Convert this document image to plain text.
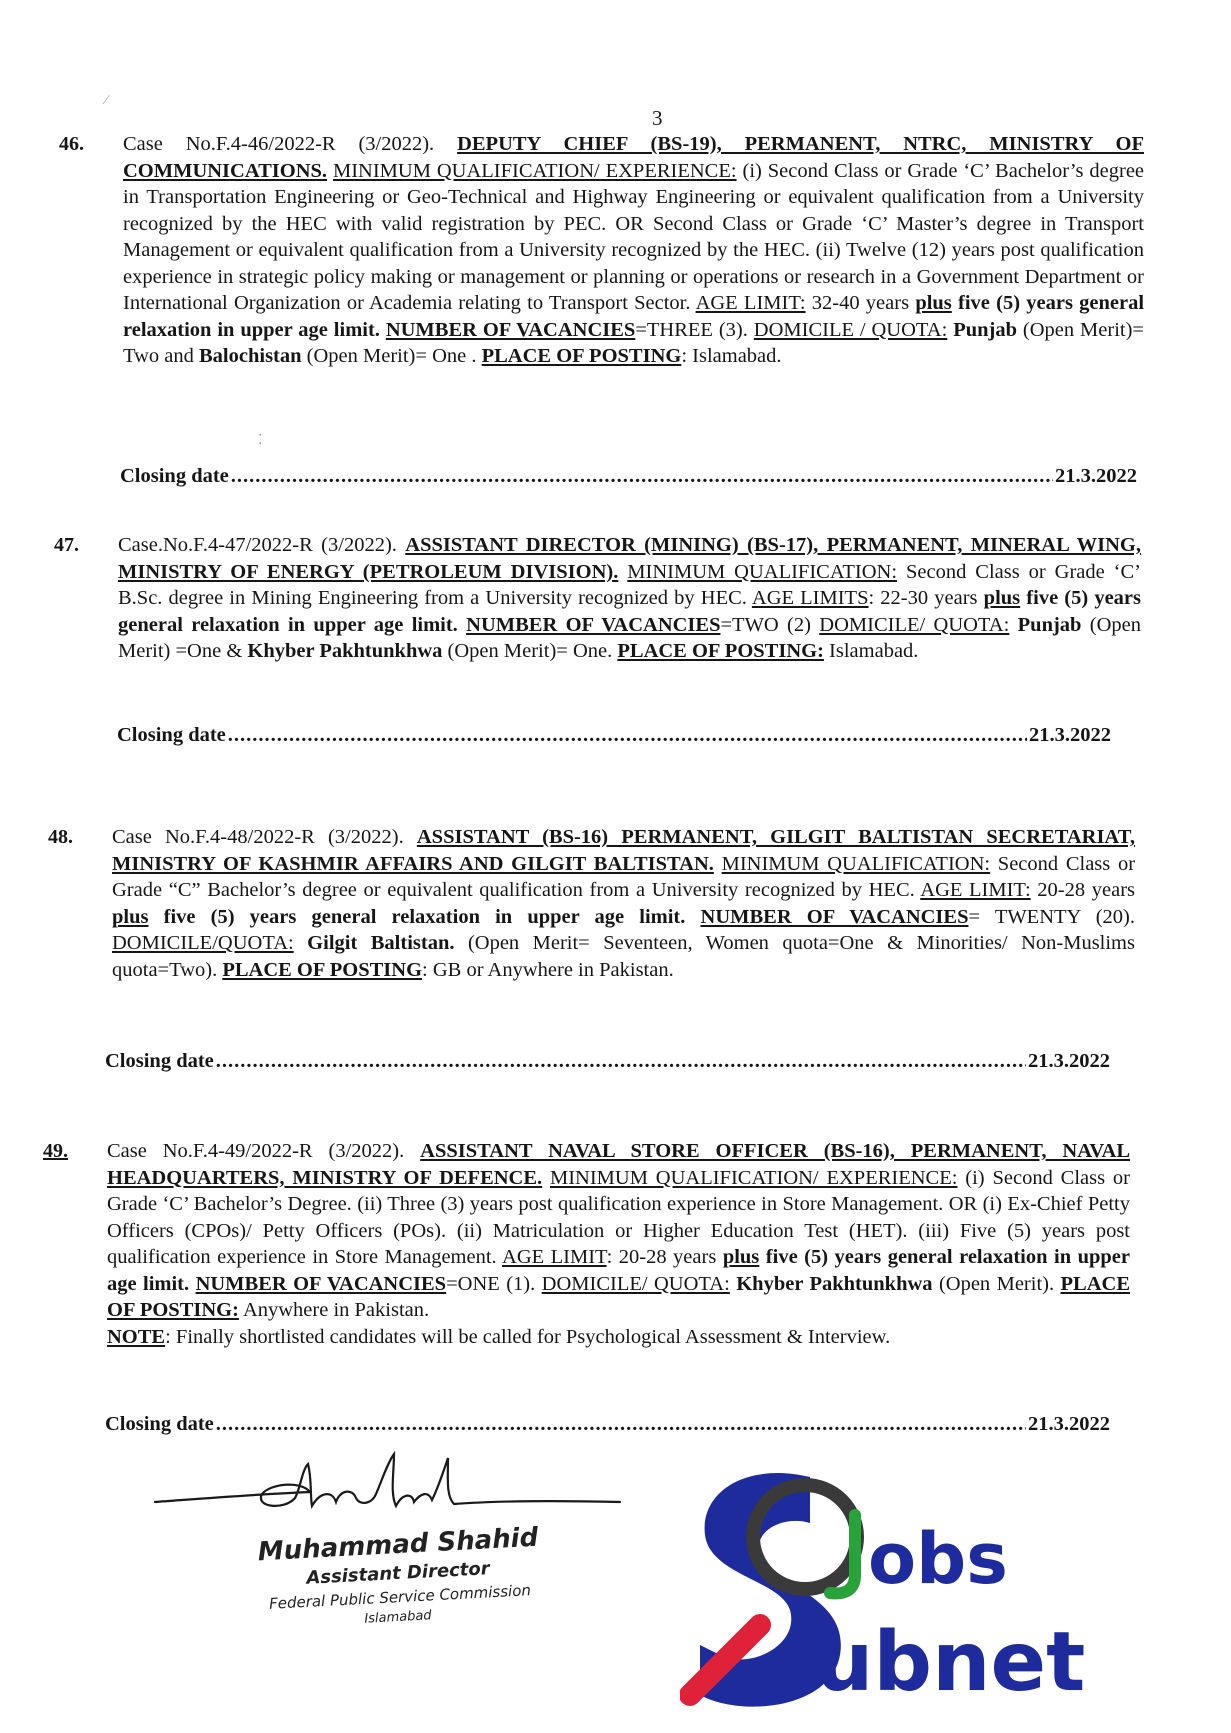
3
46. Case No.F.4-46/2022-R (3/2022). DEPUTY CHIEF (BS-19), PERMANENT, NTRC, MINISTRY OF COMMUNICATIONS. MINIMUM QUALIFICATION/ EXPERIENCE: (i) Second Class or Grade ‘C’ Bachelor’s degree in Transportation Engineering or Geo-Technical and Highway Engineering or equivalent qualification from a University recognized by the HEC with valid registration by PEC. OR Second Class or Grade ‘C’ Master’s degree in Transport Management or equivalent qualification from a University recognized by the HEC. (ii) Twelve (12) years post qualification experience in strategic policy making or management or planning or operations or research in a Government Department or International Organization or Academia relating to Transport Sector. AGE LIMIT: 32-40 years plus five (5) years general relaxation in upper age limit. NUMBER OF VACANCIES=THREE (3). DOMICILE / QUOTA: Punjab (Open Merit)= Two and Balochistan (Open Merit)= One . PLACE OF POSTING: Islamabad.

Closing date .....	21.3.2022
47. Case.No.F.4-47/2022-R (3/2022). ASSISTANT DIRECTOR (MINING) (BS-17), PERMANENT, MINERAL WING, MINISTRY OF ENERGY (PETROLEUM DIVISION). MINIMUM QUALIFICATION: Second Class or Grade ‘C’ B.Sc. degree in Mining Engineering from a University recognized by HEC. AGE LIMITS: 22-30 years plus five (5) years general relaxation in upper age limit. NUMBER OF VACANCIES=TWO (2) DOMICILE/ QUOTA: Punjab (Open Merit) =One & Khyber Pakhtunkhwa (Open Merit)= One. PLACE OF POSTING: Islamabad.

Closing date .....	21.3.2022
48. Case No.F.4-48/2022-R (3/2022). ASSISTANT (BS-16) PERMANENT, GILGIT BALTISTAN SECRETARIAT, MINISTRY OF KASHMIR AFFAIRS AND GILGIT BALTISTAN. MINIMUM QUALIFICATION: Second Class or Grade “C” Bachelor’s degree or equivalent qualification from a University recognized by HEC. AGE LIMIT: 20-28 years plus five (5) years general relaxation in upper age limit. NUMBER OF VACANCIES= TWENTY (20). DOMICILE/QUOTA: Gilgit Baltistan. (Open Merit= Seventeen, Women quota=One & Minorities/ Non-Muslims quota=Two). PLACE OF POSTING: GB or Anywhere in Pakistan.

Closing date .....	21.3.2022
49. Case No.F.4-49/2022-R (3/2022). ASSISTANT NAVAL STORE OFFICER (BS-16), PERMANENT, NAVAL HEADQUARTERS, MINISTRY OF DEFENCE. MINIMUM QUALIFICATION/ EXPERIENCE: (i) Second Class or Grade ‘C’ Bachelor’s Degree. (ii) Three (3) years post qualification experience in Store Management. OR (i) Ex-Chief Petty Officers (CPOs)/ Petty Officers (POs). (ii) Matriculation or Higher Education Test (HET). (iii) Five (5) years post qualification experience in Store Management. AGE LIMIT: 20-28 years plus five (5) years general relaxation in upper age limit. NUMBER OF VACANCIES=ONE (1). DOMICILE/ QUOTA: Khyber Pakhtunkhwa (Open Merit). PLACE OF POSTING: Anywhere in Pakistan.

NOTE: Finally shortlisted candidates will be called for Psychological Assessment & Interview.

Closing date .....	21.3.2022
Muhammad Shahid
Assistant Director
Federal Public Service Commission
Islamabad
obs
ubnet
⁄
⁚
